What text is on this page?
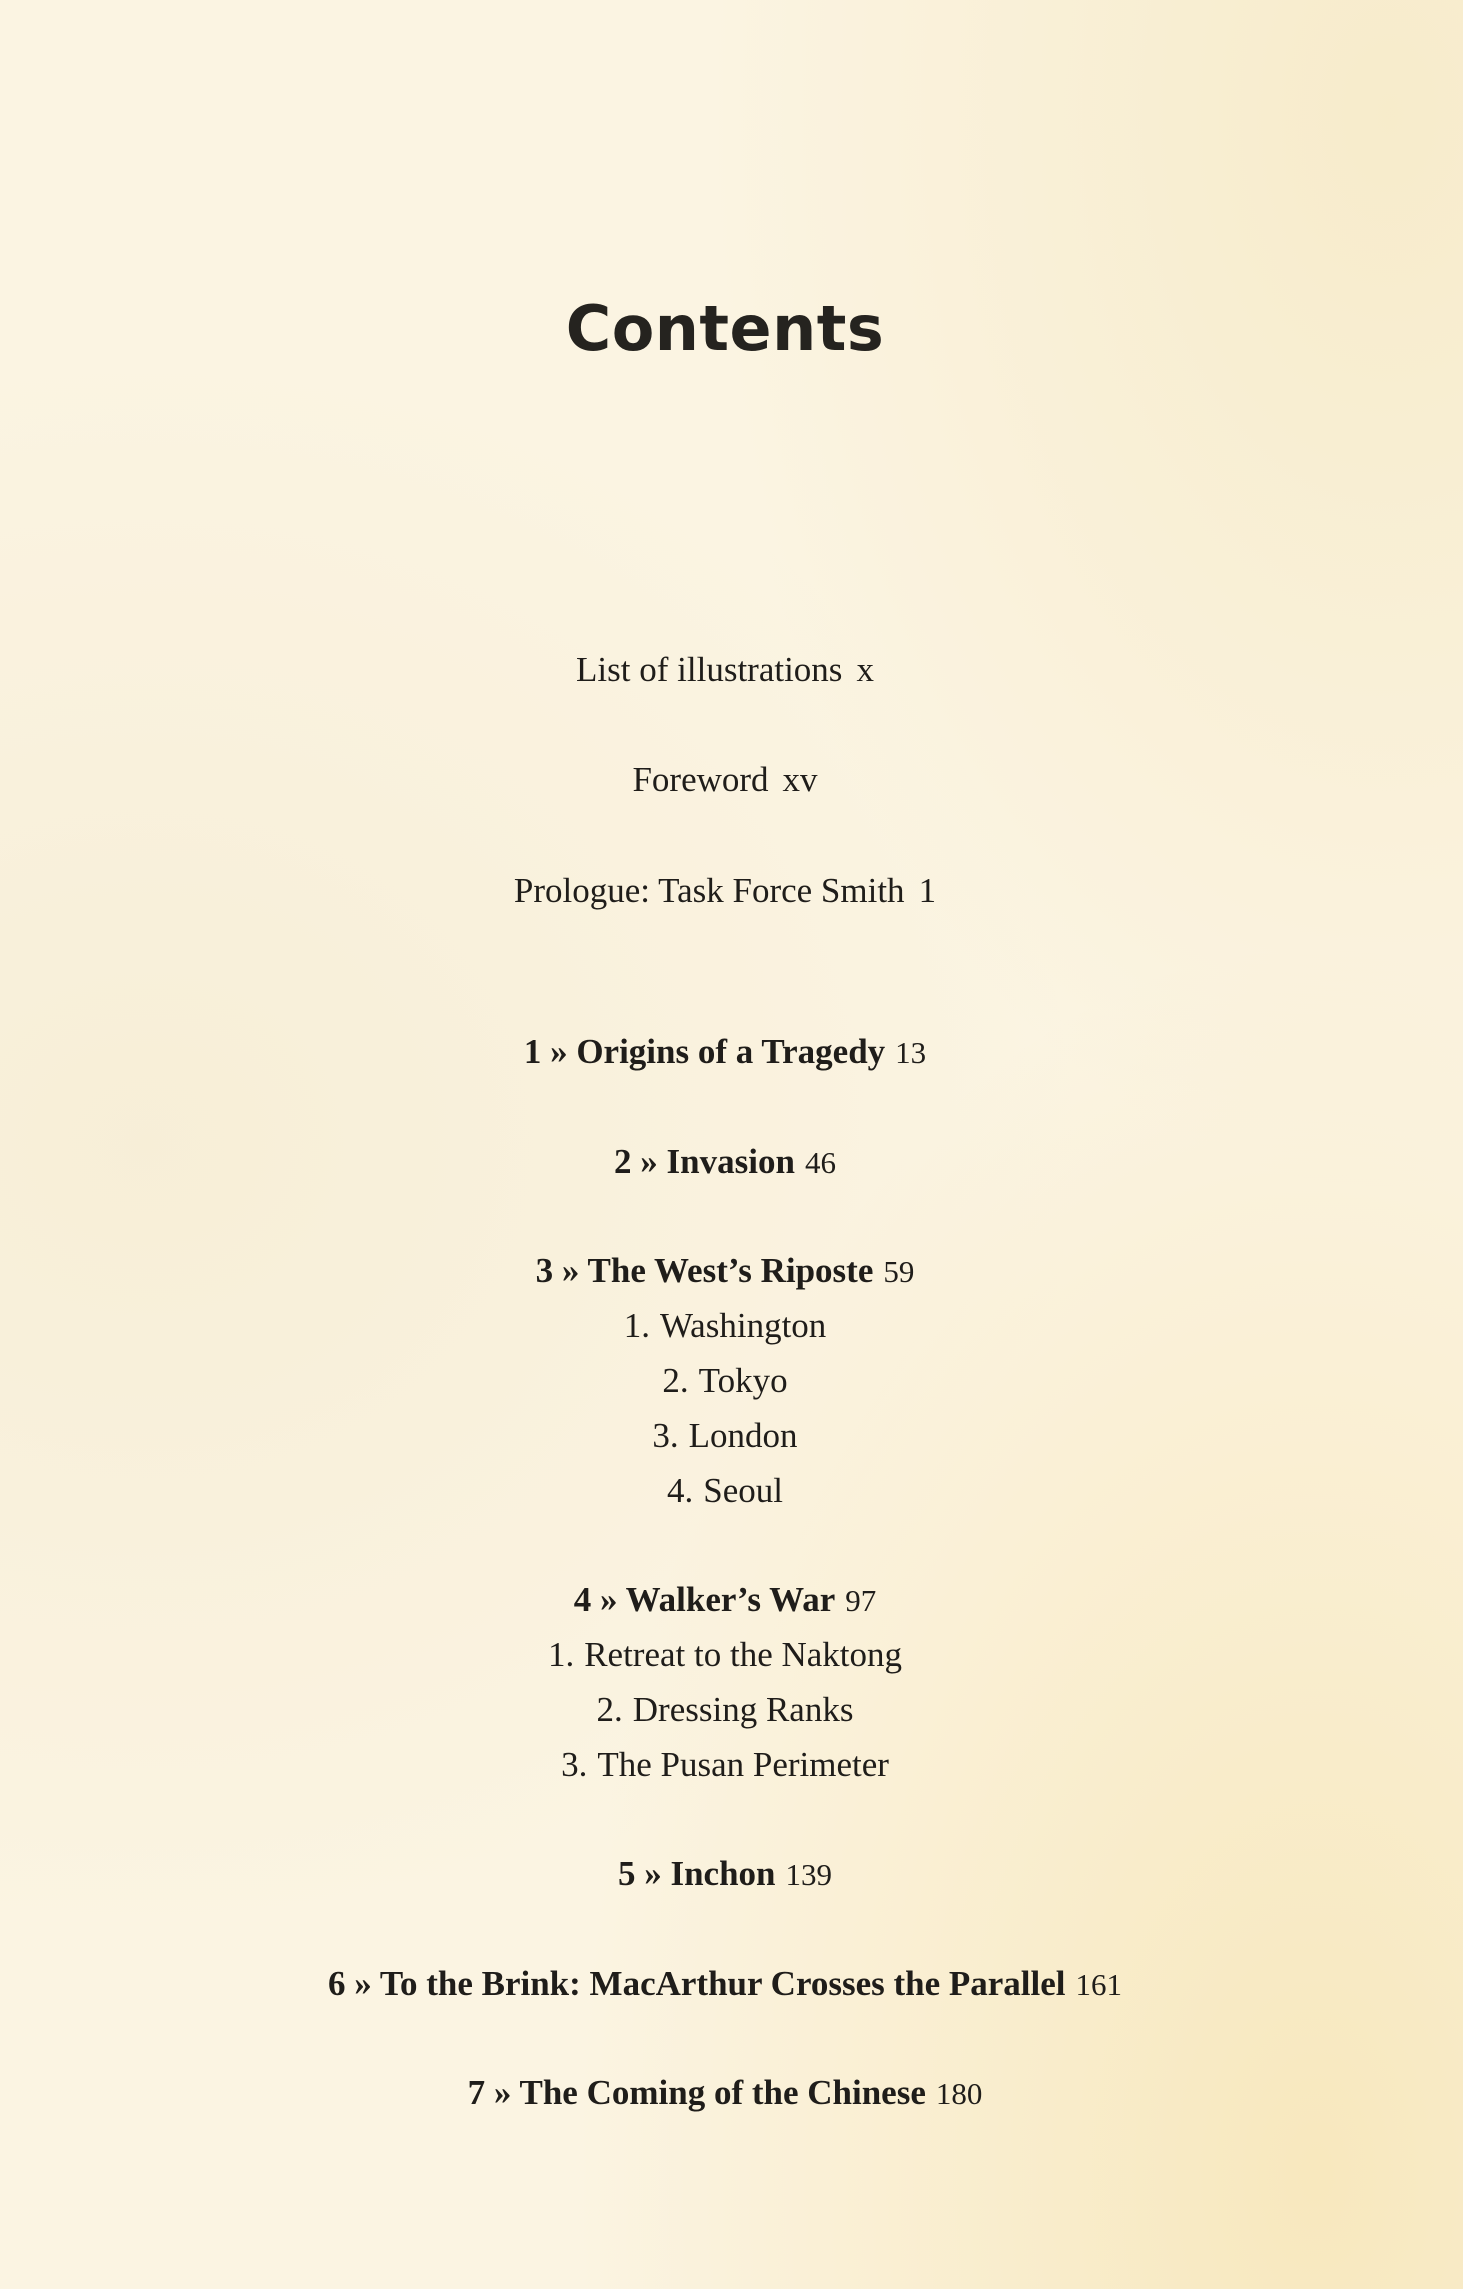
Contents
List of illustrations x
Foreword xv
Prologue: Task Force Smith 1
1 » Origins of a Tragedy 13
2 » Invasion 46
3 » The West’s Riposte 59
1. Washington
2. Tokyo
3. London
4. Seoul
4 » Walker’s War 97
1. Retreat to the Naktong
2. Dressing Ranks
3. The Pusan Perimeter
5 » Inchon 139
6 » To the Brink: MacArthur Crosses the Parallel 161
7 » The Coming of the Chinese 180
